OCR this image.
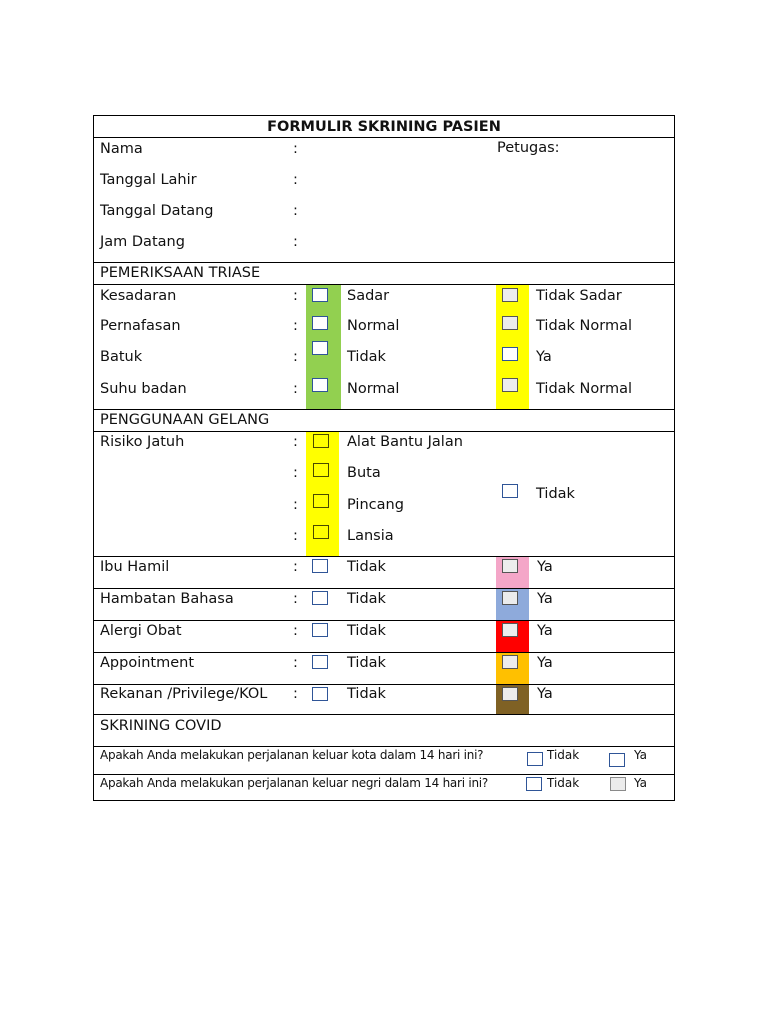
FORMULIR SKRINING PASIEN
Nama	:	Petugas:
Tanggal Lahir	:
Tanggal Datang	:
Jam Datang	:
PEMERIKSAAN TRIASE
Kesadaran	:	Sadar	Tidak Sadar
Pernafasan	:	Normal	Tidak Normal
Batuk	:	Tidak	Ya
Suhu badan	:	Normal	Tidak Normal
PENGGUNAAN GELANG
Risiko Jatuh	:	Alat Bantu Jalan
:	Buta
:	Pincang
:	Lansia
Tidak
Ibu Hamil	:	Tidak	Ya
Hambatan Bahasa	:	Tidak	Ya
Alergi Obat	:	Tidak	Ya
Appointment	:	Tidak	Ya
Rekanan /Privilege/KOL :	Tidak	Ya
SKRINING COVID
Apakah Anda melakukan perjalanan keluar kota dalam 14 hari ini?	Tidak	Ya
Apakah Anda melakukan perjalanan keluar negri dalam 14 hari ini?	Tidak	Ya
